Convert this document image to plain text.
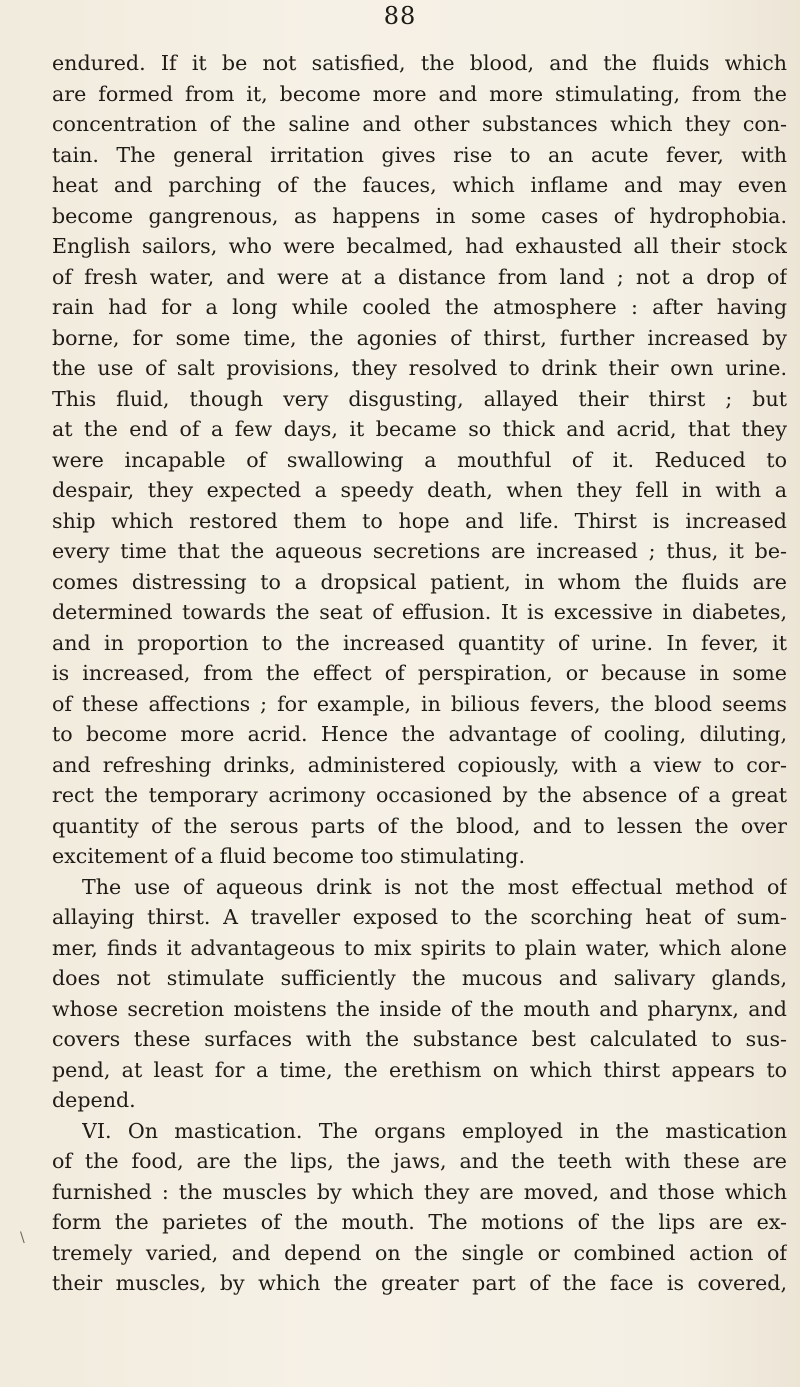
88
endured. If it be not satisfied, the blood, and the fluids which
are formed from it, become more and more stimulating, from the
concentration of the saline and other substances which they con-
tain. The general irritation gives rise to an acute fever, with
heat and parching of the fauces, which inflame and may even
become gangrenous, as happens in some cases of hydrophobia.
English sailors, who were becalmed, had exhausted all their stock
of fresh water, and were at a distance from land ; not a drop of
rain had for a long while cooled the atmosphere : after having
borne, for some time, the agonies of thirst, further increased by
the use of salt provisions, they resolved to drink their own urine.
This fluid, though very disgusting, allayed their thirst ; but
at the end of a few days, it became so thick and acrid, that they
were incapable of swallowing a mouthful of it. Reduced to
despair, they expected a speedy death, when they fell in with a
ship which restored them to hope and life. Thirst is increased
every time that the aqueous secretions are increased ; thus, it be-
comes distressing to a dropsical patient, in whom the fluids are
determined towards the seat of effusion. It is excessive in diabetes,
and in proportion to the increased quantity of urine. In fever, it
is increased, from the effect of perspiration, or because in some
of these affections ; for example, in bilious fevers, the blood seems
to become more acrid. Hence the advantage of cooling, diluting,
and refreshing drinks, administered copiously, with a view to cor-
rect the temporary acrimony occasioned by the absence of a great
quantity of the serous parts of the blood, and to lessen the over
excitement of a fluid become too stimulating.
The use of aqueous drink is not the most effectual method of
allaying thirst. A traveller exposed to the scorching heat of sum-
mer, finds it advantageous to mix spirits to plain water, which alone
does not stimulate sufficiently the mucous and salivary glands,
whose secretion moistens the inside of the mouth and pharynx, and
covers these surfaces with the substance best calculated to sus-
pend, at least for a time, the erethism on which thirst appears to
depend.
VI. On mastication. The organs employed in the mastication
of the food, are the lips, the jaws, and the teeth with these are
furnished : the muscles by which they are moved, and those which
form the parietes of the mouth. The motions of the lips are ex-
tremely varied, and depend on the single or combined action of
their muscles, by which the greater part of the face is covered,
\
